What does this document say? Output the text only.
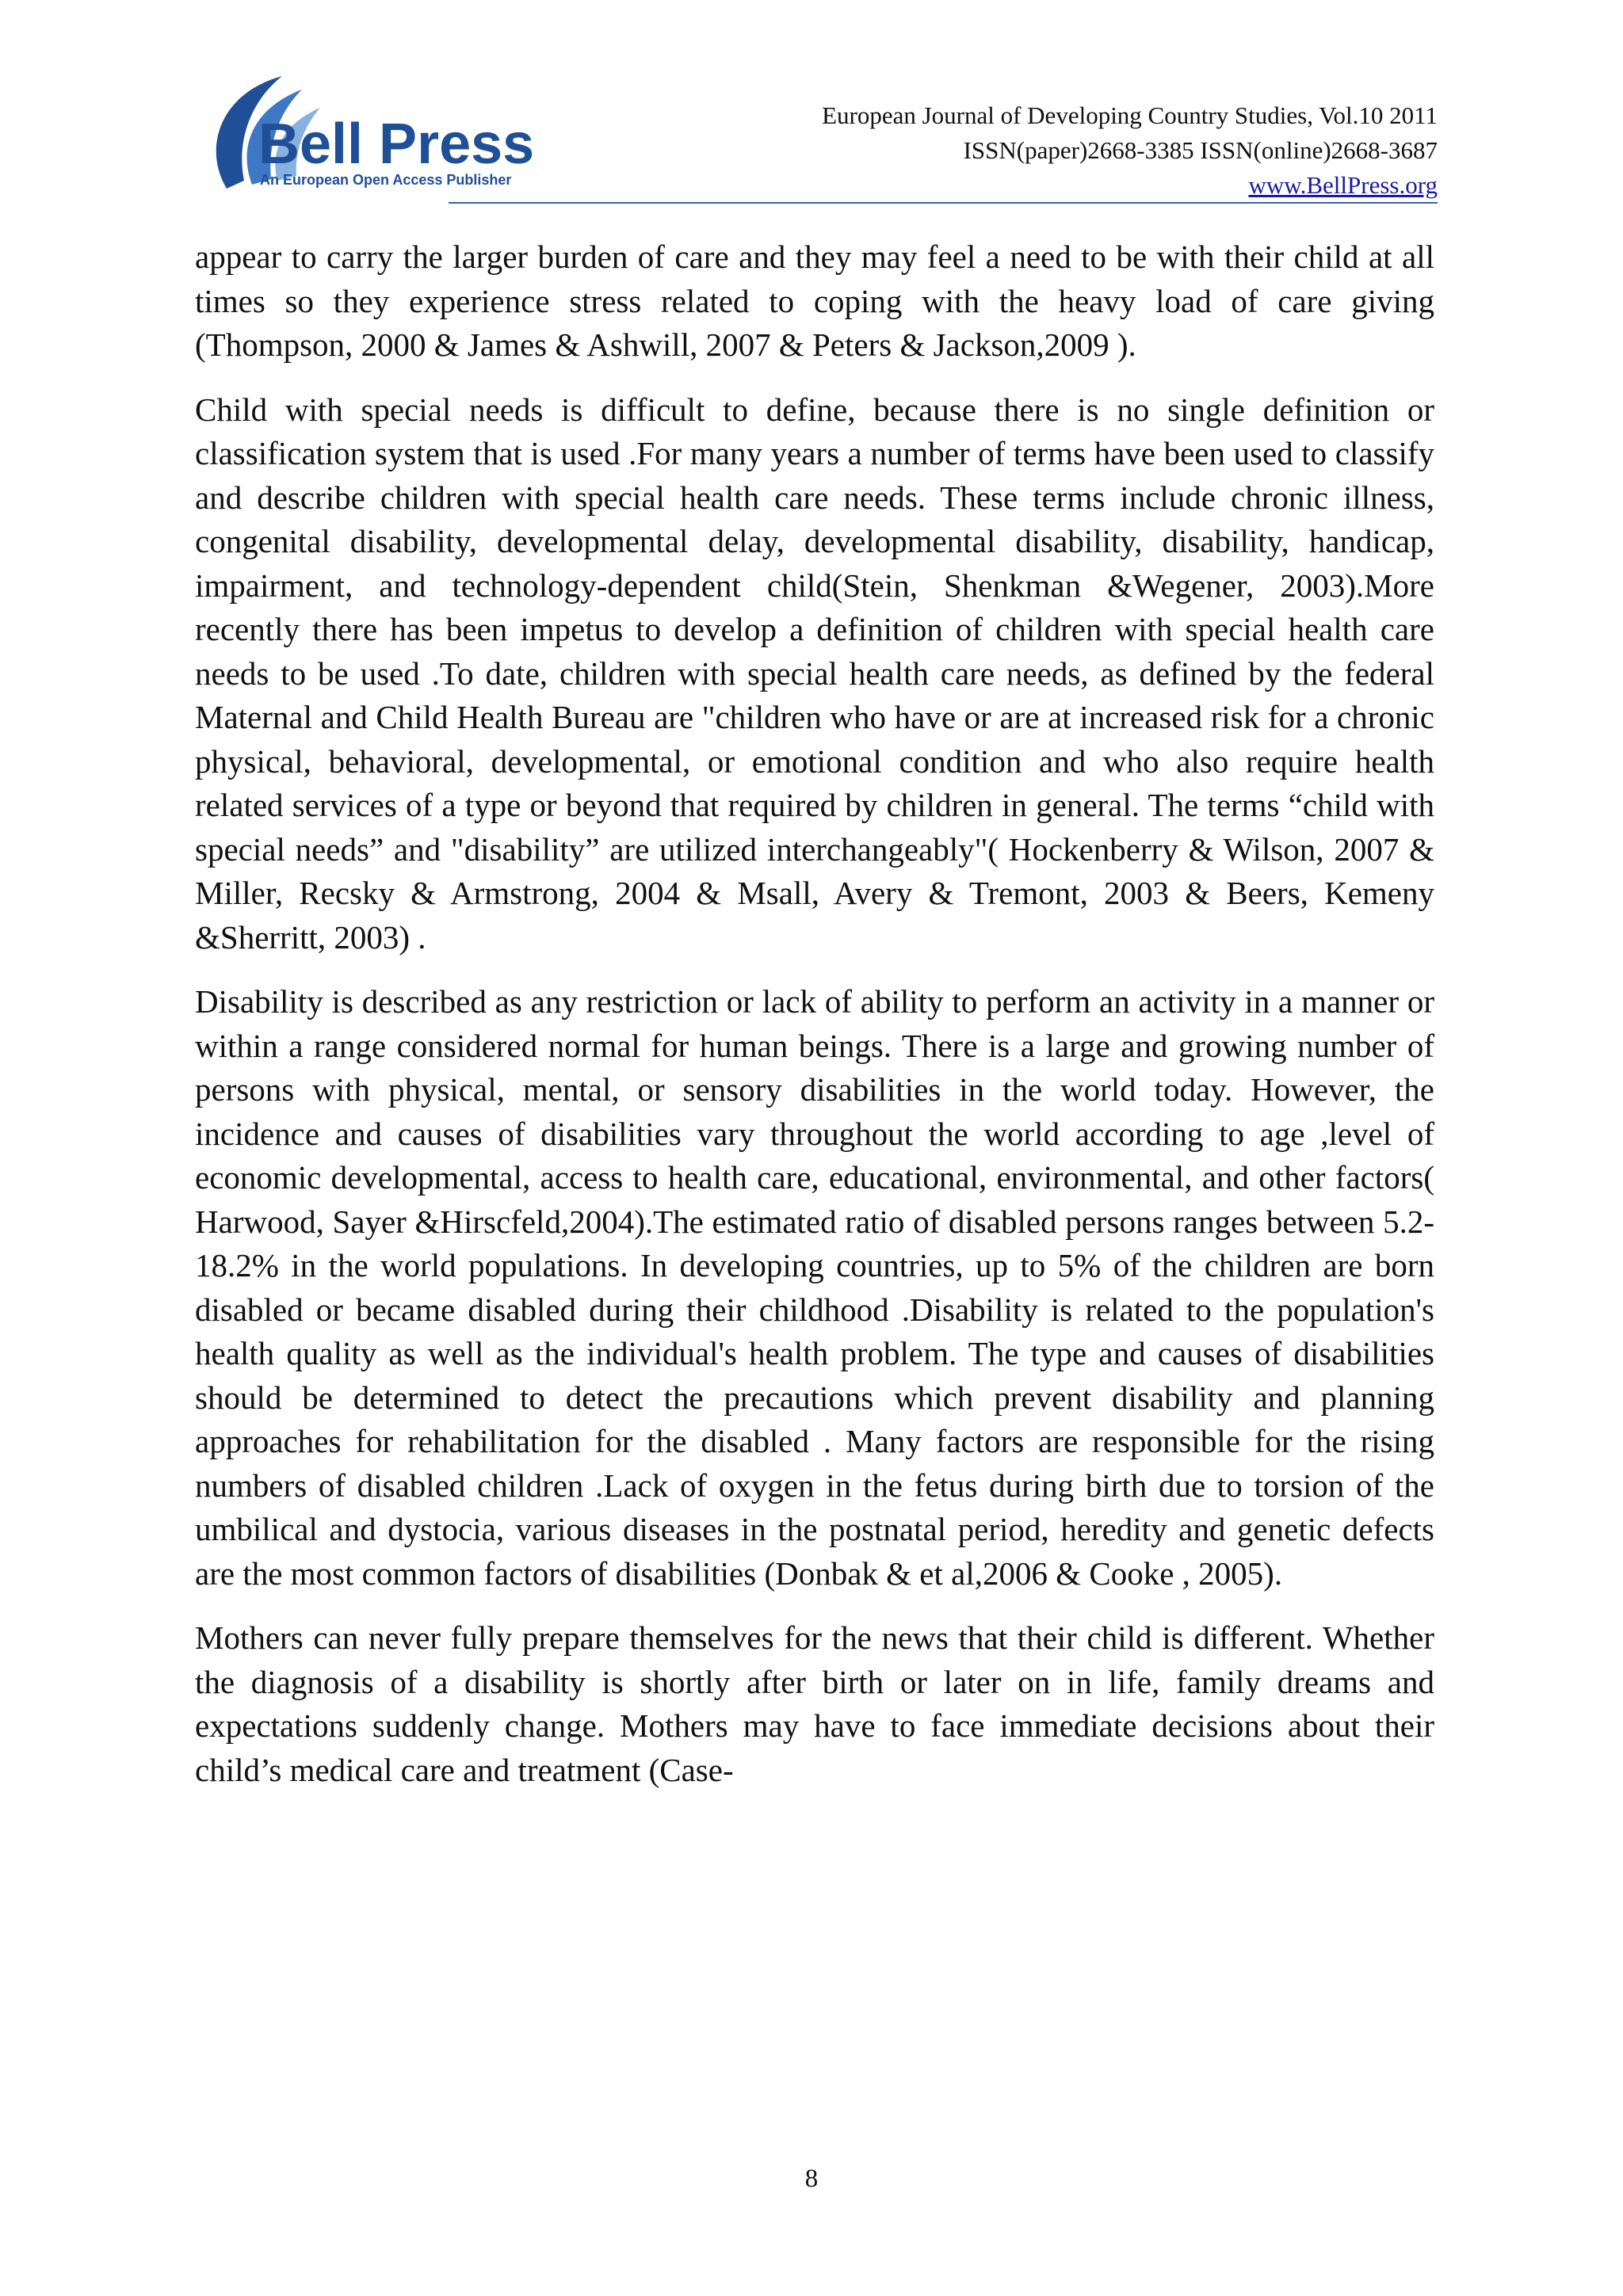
Bell Press
An European Open Access Publisher
European Journal of Developing Country Studies, Vol.10 2011
ISSN(paper)2668-3385 ISSN(online)2668-3687
www.BellPress.org

appear to carry the larger burden of care and they may feel a need to be with their child at all times so they experience stress related to coping with the heavy load of care giving (Thompson, 2000 & James & Ashwill, 2007 & Peters & Jackson,2009 ).

Child with special needs is difficult to define, because there is no single definition or classification system that is used .For many years a number of terms have been used to classify and describe children with special health care needs. These terms include chronic illness, congenital disability, developmental delay, developmental disability, disability, handicap, impairment, and technology-dependent child(Stein, Shenkman &Wegener, 2003).More recently there has been impetus to develop a definition of children with special health care needs to be used .To date, children with special health care needs, as defined by the federal Maternal and Child Health Bureau are "children who have or are at increased risk for a chronic physical, behavioral, developmental, or emotional condition and who also require health related services of a type or beyond that required by children in general. The terms “child with special needs” and "disability” are utilized interchangeably"( Hockenberry & Wilson, 2007 & Miller, Recsky & Armstrong, 2004 & Msall, Avery & Tremont, 2003 & Beers, Kemeny &Sherritt, 2003) .

Disability is described as any restriction or lack of ability to perform an activity in a manner or within a range considered normal for human beings. There is a large and growing number of persons with physical, mental, or sensory disabilities in the world today. However, the incidence and causes of disabilities vary throughout the world according to age ,level of economic developmental, access to health care, educational, environmental, and other factors( Harwood, Sayer &Hirscfeld,2004).The estimated ratio of disabled persons ranges between 5.2-18.2% in the world populations. In developing countries, up to 5% of the children are born disabled or became disabled during their childhood .Disability is related to the population's health quality as well as the individual's health problem. The type and causes of disabilities should be determined to detect the precautions which prevent disability and planning approaches for rehabilitation for the disabled . Many factors are responsible for the rising numbers of disabled children .Lack of oxygen in the fetus during birth due to torsion of the umbilical and dystocia, various diseases in the postnatal period, heredity and genetic defects are the most common factors of disabilities (Donbak & et al,2006 & Cooke , 2005).

Mothers can never fully prepare themselves for the news that their child is different. Whether the diagnosis of a disability is shortly after birth or later on in life, family dreams and expectations suddenly change. Mothers may have to face immediate decisions about their child’s medical care and treatment (Case-

8
